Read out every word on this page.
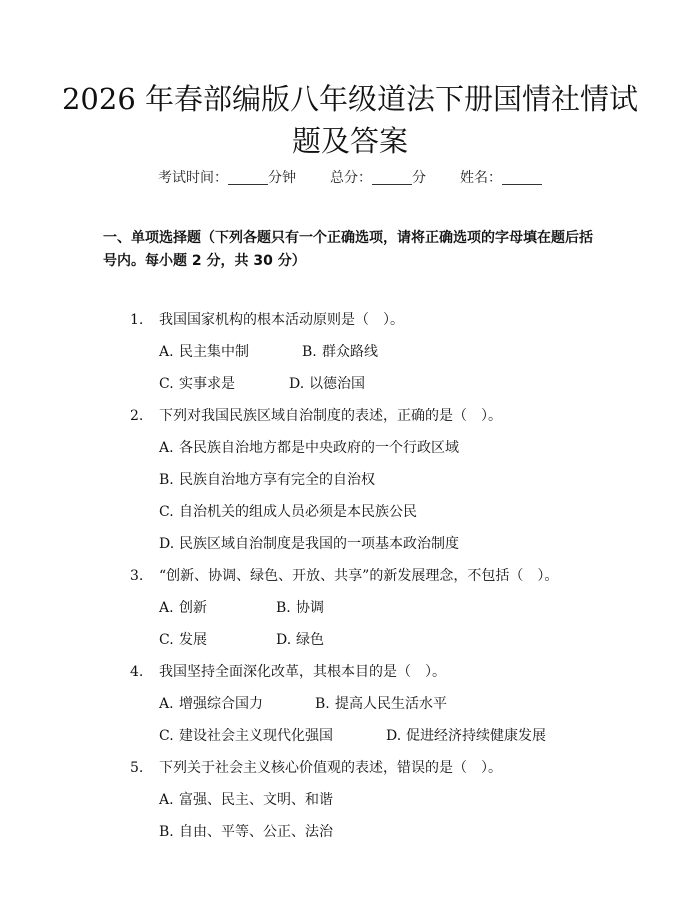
2026 年春部编版八年级道法下册国情社情试
题及答案
考试时间：	分钟 总分：	分 姓名：
一、单项选择题（下列各题只有一个正确选项，请将正确选项的字母填在题后括号内。每小题 2 分，共 30 分）
1. 我国国家机构的根本活动原则是（　）。
A. 民主集中制	B. 群众路线
C. 实事求是	D. 以德治国
2. 下列对我国民族区域自治制度的表述，正确的是（　）。
A. 各民族自治地方都是中央政府的一个行政区域
B. 民族自治地方享有完全的自治权
C. 自治机关的组成人员必须是本民族公民
D. 民族区域自治制度是我国的一项基本政治制度
3. “创新、协调、绿色、开放、共享”的新发展理念，不包括（　）。
A. 创新	B. 协调
C. 发展	D. 绿色
4. 我国坚持全面深化改革，其根本目的是（　）。
A. 增强综合国力	B. 提高人民生活水平
C. 建设社会主义现代化强国	D. 促进经济持续健康发展
5. 下列关于社会主义核心价值观的表述，错误的是（　）。
A. 富强、民主、文明、和谐
B. 自由、平等、公正、法治
